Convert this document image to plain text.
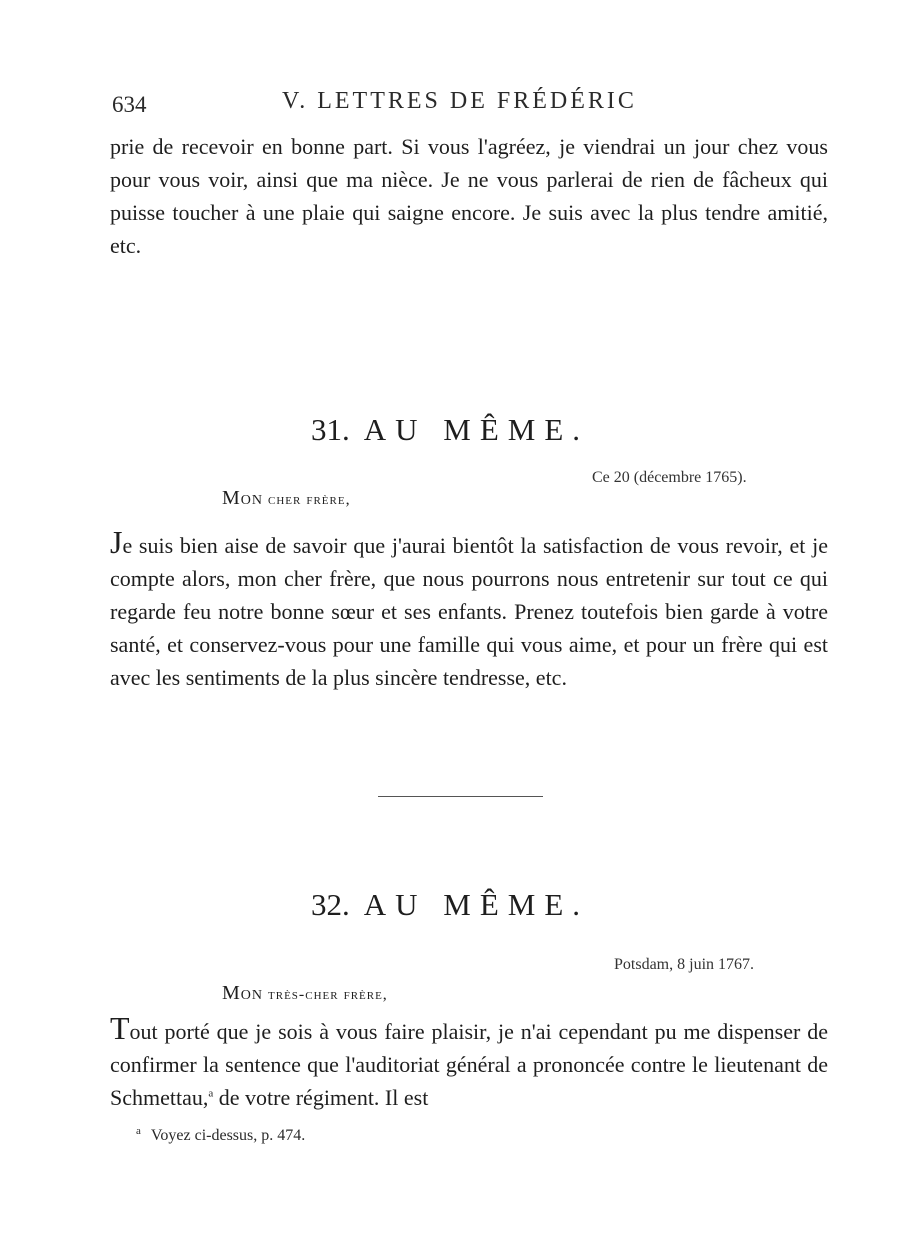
634	V. LETTRES DE FRÉDÉRIC

prie de recevoir en bonne part. Si vous l'agréez, je viendrai un jour chez vous pour vous voir, ainsi que ma nièce. Je ne vous parlerai de rien de fâcheux qui puisse toucher à une plaie qui saigne encore. Je suis avec la plus tendre amitié, etc.

31. AU MÊME.
Ce 20 (décembre 1765).
Mon cher frère,

Je suis bien aise de savoir que j'aurai bientôt la satisfaction de vous revoir, et je compte alors, mon cher frère, que nous pourrons nous entretenir sur tout ce qui regarde feu notre bonne sœur et ses enfants. Prenez toutefois bien garde à votre santé, et conservez-vous pour une famille qui vous aime, et pour un frère qui est avec les sentiments de la plus sincère tendresse, etc.

32. AU MÊME.
Potsdam, 8 juin 1767.
Mon très-cher frère,

Tout porté que je sois à vous faire plaisir, je n'ai cependant pu me dispenser de confirmer la sentence que l'auditoriat général a prononcée contre le lieutenant de Schmettau,$^a$ de votre régiment. Il est

$^a$ Voyez ci-dessus, p. 474.
